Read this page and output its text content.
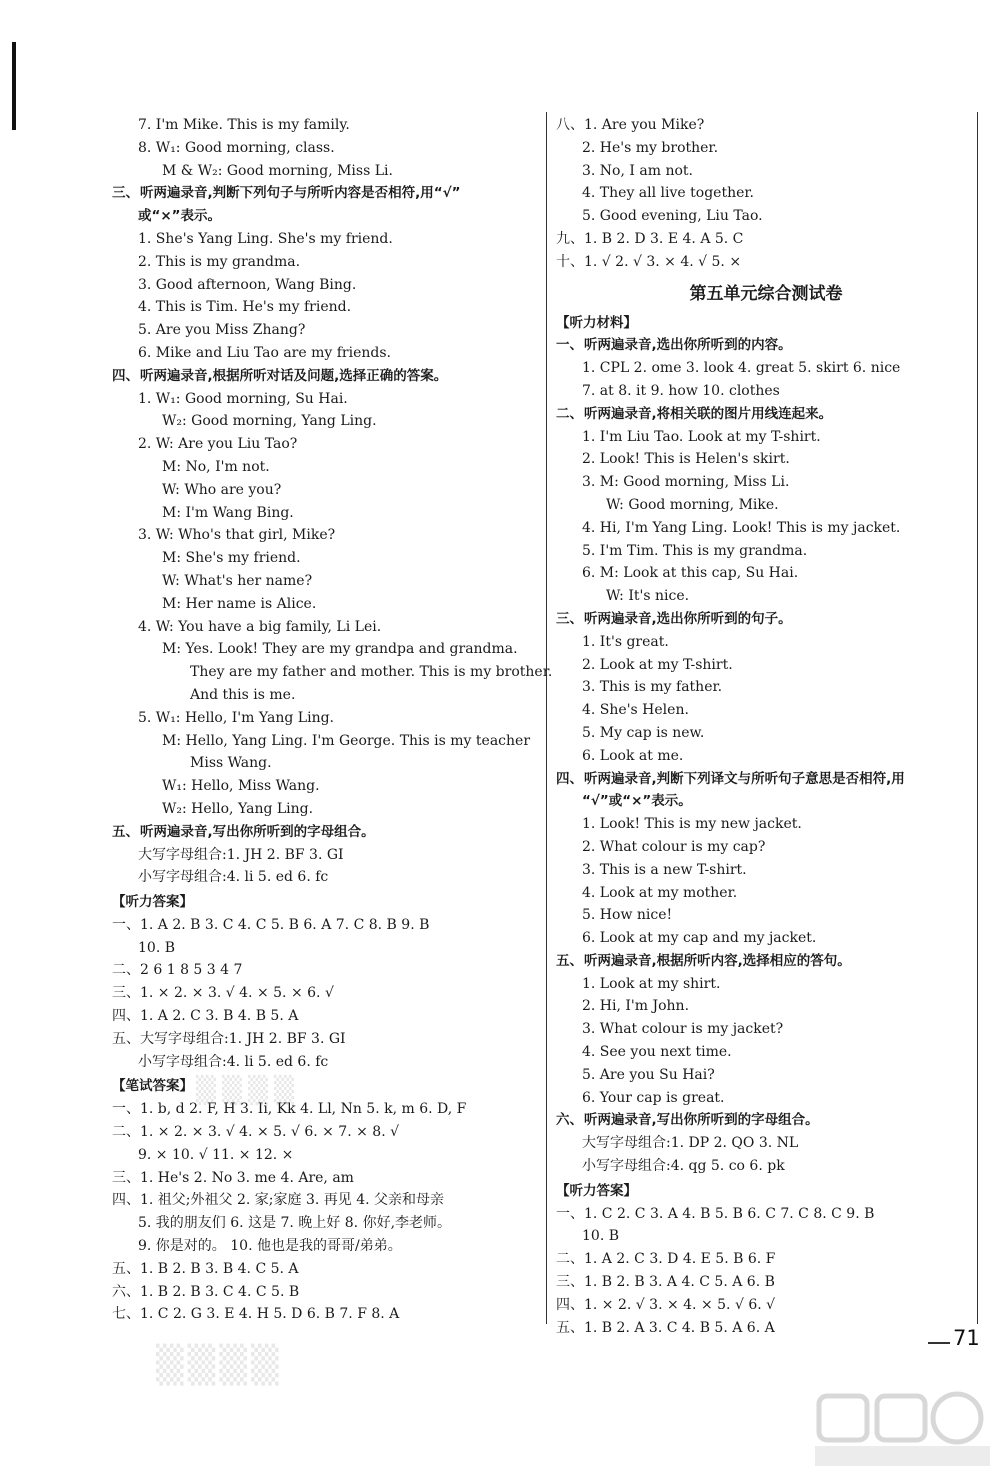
7. I'm Mike. This is my family.
8. W₁: Good morning, class.
M & W₂: Good morning, Miss Li.
三、听两遍录音,判断下列句子与所听内容是否相符,用“√”
或“×”表示。
1. She's Yang Ling. She's my friend.
2. This is my grandma.
3. Good afternoon, Wang Bing.
4. This is Tim. He's my friend.
5. Are you Miss Zhang?
6. Mike and Liu Tao are my friends.
四、听两遍录音,根据所听对话及问题,选择正确的答案。
1. W₁: Good morning, Su Hai.
W₂: Good morning, Yang Ling.
2. W: Are you Liu Tao?
M: No, I'm not.
W: Who are you?
M: I'm Wang Bing.
3. W: Who's that girl, Mike?
M: She's my friend.
W: What's her name?
M: Her name is Alice.
4. W: You have a big family, Li Lei.
M: Yes. Look! They are my grandpa and grandma.
They are my father and mother. This is my brother.
And this is me.
5. W₁: Hello, I'm Yang Ling.
M: Hello, Yang Ling. I'm George. This is my teacher
Miss Wang.
W₁: Hello, Miss Wang.
W₂: Hello, Yang Ling.
五、听两遍录音,写出你所听到的字母组合。
大写字母组合:1. JH 2. BF 3. GI
小写字母组合:4. li 5. ed 6. fc
【听力答案】
一、1. A 2. B 3. C 4. C 5. B 6. A 7. C 8. B 9. B
10. B
二、2 6 1 8 5 3 4 7
三、1. × 2. × 3. √ 4. × 5. × 6. √
四、1. A 2. C 3. B 4. B 5. A
五、大写字母组合:1. JH 2. BF 3. GI
小写字母组合:4. li 5. ed 6. fc
【笔试答案】
一、1. b, d 2. F, H 3. Ii, Kk 4. Ll, Nn 5. k, m 6. D, F
二、1. × 2. × 3. √ 4. × 5. √ 6. × 7. × 8. √
9. × 10. √ 11. × 12. ×
三、1. He's 2. No 3. me 4. Are, am
四、1. 祖父;外祖父 2. 家;家庭 3. 再见 4. 父亲和母亲
5. 我的朋友们 6. 这是 7. 晚上好 8. 你好,李老师。
9. 你是对的。 10. 他也是我的哥哥/弟弟。
五、1. B 2. B 3. B 4. C 5. A
六、1. B 2. B 3. C 4. C 5. B
七、1. C 2. G 3. E 4. H 5. D 6. B 7. F 8. A
八、1. Are you Mike?
2. He's my brother.
3. No, I am not.
4. They all live together.
5. Good evening, Liu Tao.
九、1. B 2. D 3. E 4. A 5. C
十、1. √ 2. √ 3. × 4. √ 5. ×
第五单元综合测试卷
【听力材料】
一、听两遍录音,选出你所听到的内容。
1. CPL 2. ome 3. look 4. great 5. skirt 6. nice
7. at 8. it 9. how 10. clothes
二、听两遍录音,将相关联的图片用线连起来。
1. I'm Liu Tao. Look at my T-shirt.
2. Look! This is Helen's skirt.
3. M: Good morning, Miss Li.
W: Good morning, Mike.
4. Hi, I'm Yang Ling. Look! This is my jacket.
5. I'm Tim. This is my grandma.
6. M: Look at this cap, Su Hai.
W: It's nice.
三、听两遍录音,选出你所听到的句子。
1. It's great.
2. Look at my T-shirt.
3. This is my father.
4. She's Helen.
5. My cap is new.
6. Look at me.
四、听两遍录音,判断下列译文与所听句子意思是否相符,用
“√”或“×”表示。
1. Look! This is my new jacket.
2. What colour is my cap?
3. This is a new T-shirt.
4. Look at my mother.
5. How nice!
6. Look at my cap and my jacket.
五、听两遍录音,根据所听内容,选择相应的答句。
1. Look at my shirt.
2. Hi, I'm John.
3. What colour is my jacket?
4. See you next time.
5. Are you Su Hai?
6. Your cap is great.
六、听两遍录音,写出你所听到的字母组合。
大写字母组合:1. DP 2. QO 3. NL
小写字母组合:4. qg 5. co 6. pk
【听力答案】
一、1. C 2. C 3. A 4. B 5. B 6. C 7. C 8. C 9. B
10. B
二、1. A 2. C 3. D 4. E 5. B 6. F
三、1. B 2. B 3. A 4. C 5. A 6. B
四、1. × 2. √ 3. × 4. × 5. √ 6. √
五、1. B 2. A 3. C 4. B 5. A 6. A
▒▒▒▒
▒▒▒▒
71
